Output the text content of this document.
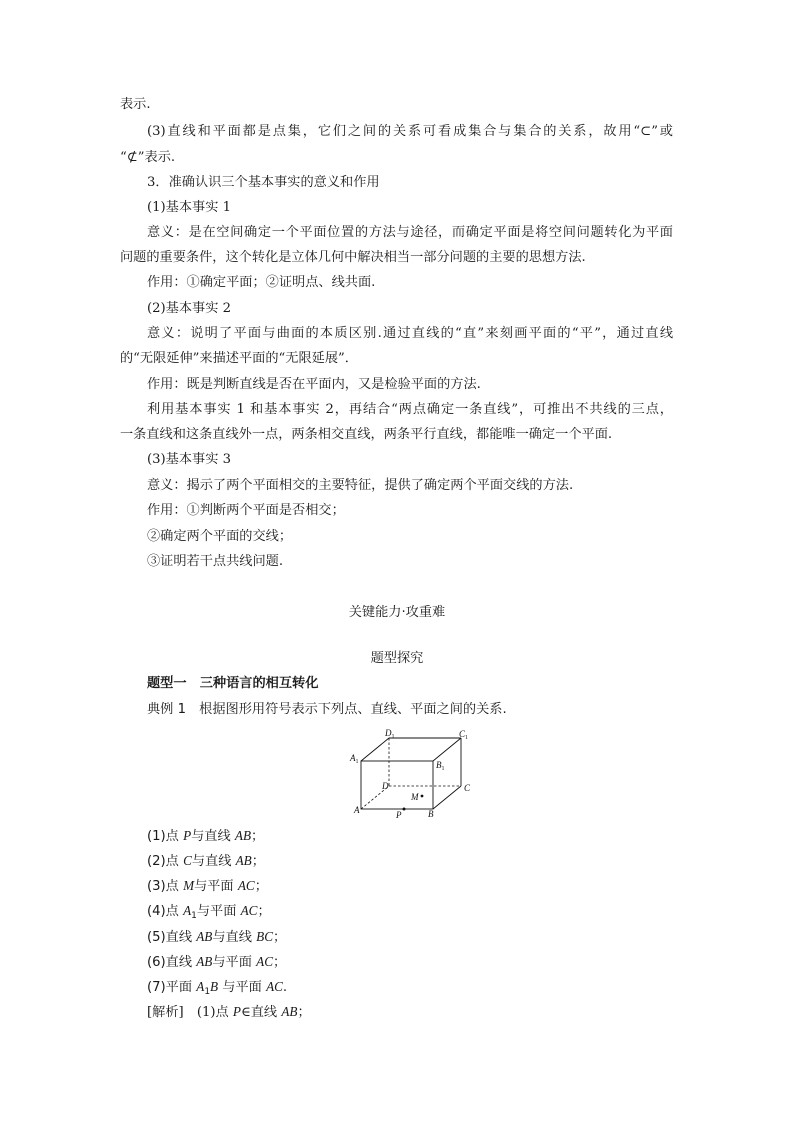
表示.
(3)直线和平面都是点集，它们之间的关系可看成集合与集合的关系，故用“⊂”或
“⊄”表示.
3．准确认识三个基本事实的意义和作用
(1)基本事实 1
意义：是在空间确定一个平面位置的方法与途径，而确定平面是将空间问题转化为平面
问题的重要条件，这个转化是立体几何中解决相当一部分问题的主要的思想方法.
作用：①确定平面；②证明点、线共面.
(2)基本事实 2
意义：说明了平面与曲面的本质区别.通过直线的“直”来刻画平面的“平”，通过直线
的“无限延伸”来描述平面的“无限延展”．
作用：既是判断直线是否在平面内，又是检验平面的方法.
利用基本事实 1 和基本事实 2，再结合“两点确定一条直线”，可推出不共线的三点，
一条直线和这条直线外一点，两条相交直线，两条平行直线，都能唯一确定一个平面.
(3)基本事实 3
意义：揭示了两个平面相交的主要特征，提供了确定两个平面交线的方法.
作用：①判断两个平面是否相交；
②确定两个平面的交线；
③证明若干点共线问题.
关键能力·攻重难
题型探究
题型一　三种语言的相互转化
典例 1　根据图形用符号表示下列点、直线、平面之间的关系.
$D_1$	$C_1$
$A_1$	$B_1$
D	C
M
A	P	B
(1)点 P与直线 AB；
(2)点 C与直线 AB；
(3)点 M与平面 AC；
(4)点 $A_1$与平面 AC；
(5)直线 AB与直线 BC；
(6)直线 AB与平面 AC；
(7)平面 $A_1B$ 与平面 AC.
[解析]　(1)点 P∈直线 AB；
